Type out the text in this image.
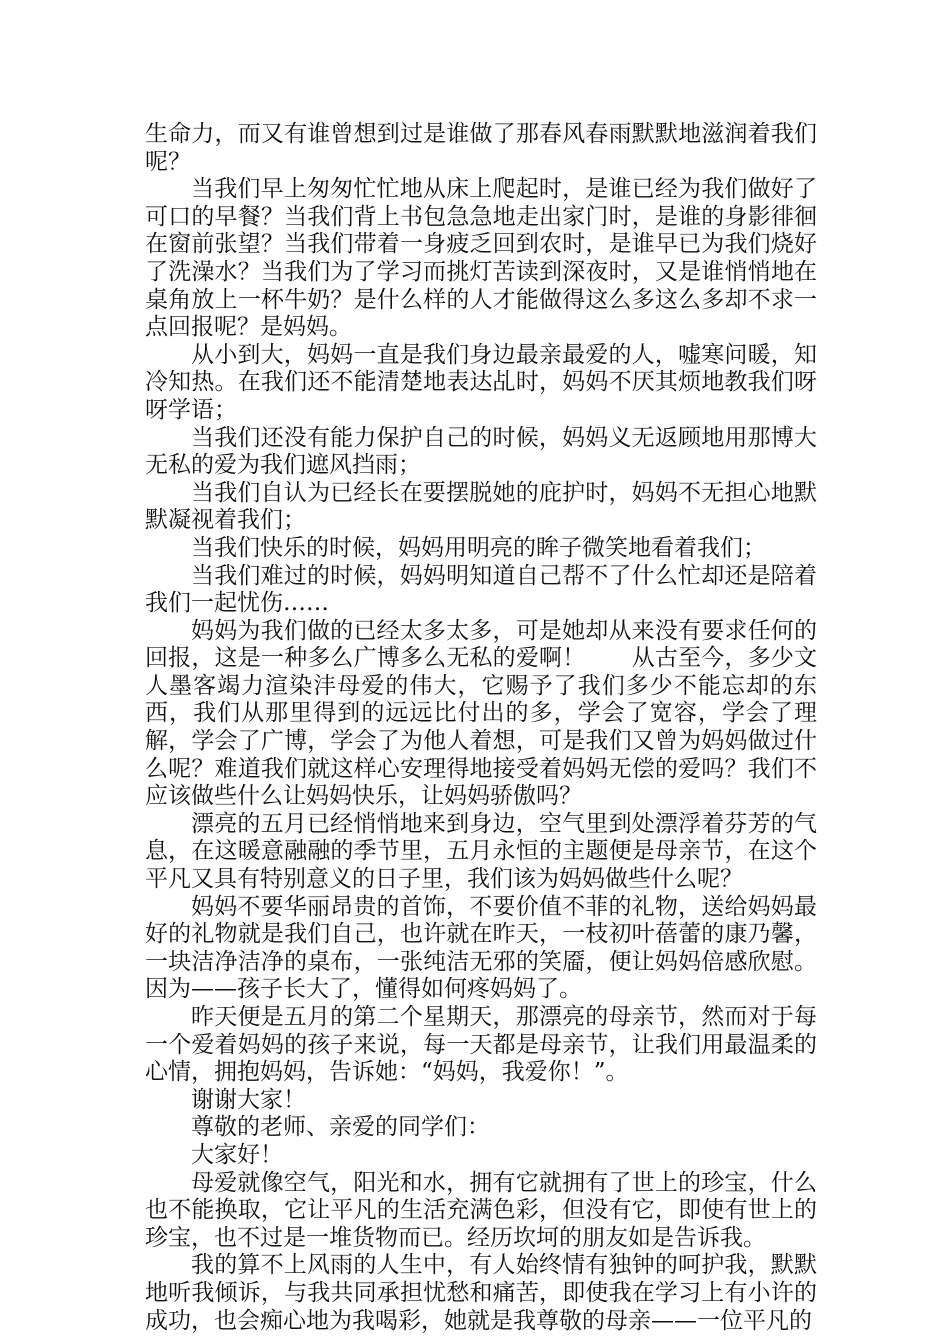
生命力，而又有谁曾想到过是谁做了那春风春雨默默地滋润着我们呢？

当我们早上匆匆忙忙地从床上爬起时，是谁已经为我们做好了可口的早餐？当我们背上书包急急地走出家门时，是谁的身影徘徊在窗前张望？当我们带着一身疲乏回到农时，是谁早已为我们烧好了洗澡水？当我们为了学习而挑灯苦读到深夜时，又是谁悄悄地在桌角放上一杯牛奶？是什么样的人才能做得这么多这么多却不求一点回报呢？是妈妈。

从小到大，妈妈一直是我们身边最亲最爱的人，嘘寒问暖，知冷知热。在我们还不能清楚地表达乩时，妈妈不厌其烦地教我们呀呀学语；

当我们还没有能力保护自己的时候，妈妈义无返顾地用那博大无私的爱为我们遮风挡雨；

当我们自认为已经长在要摆脱她的庇护时，妈妈不无担心地默默凝视着我们；

当我们快乐的时候，妈妈用明亮的眸子微笑地看着我们；

当我们难过的时候，妈妈明知道自己帮不了什么忙却还是陪着我们一起忧伤……

妈妈为我们做的已经太多太多，可是她却从来没有要求任何的回报，这是一种多么广博多么无私的爱啊！　　从古至今，多少文人墨客竭力渲染沣母爱的伟大，它赐予了我们多少不能忘却的东西，我们从那里得到的远远比付出的多，学会了宽容，学会了理解，学会了广博，学会了为他人着想，可是我们又曾为妈妈做过什么呢？难道我们就这样心安理得地接受着妈妈无偿的爱吗？我们不应该做些什么让妈妈快乐，让妈妈骄傲吗？

漂亮的五月已经悄悄地来到身边，空气里到处漂浮着芬芳的气息，在这暖意融融的季节里，五月永恒的主题便是母亲节，在这个平凡又具有特别意义的日子里，我们该为妈妈做些什么呢？

妈妈不要华丽昂贵的首饰，不要价值不菲的礼物，送给妈妈最好的礼物就是我们自己，也许就在昨天，一枝初叶蓓蕾的康乃馨，一块洁净洁净的桌布，一张纯洁无邪的笑靥，便让妈妈倍感欣慰。因为——孩子长大了，懂得如何疼妈妈了。

昨天便是五月的第二个星期天，那漂亮的母亲节，然而对于每一个爱着妈妈的孩子来说，每一天都是母亲节，让我们用最温柔的心情，拥抱妈妈，告诉她：“妈妈，我爱你！”。

谢谢大家！

尊敬的老师、亲爱的同学们：

大家好！

母爱就像空气，阳光和水，拥有它就拥有了世上的珍宝，什么也不能换取，它让平凡的生活充满色彩，但没有它，即使有世上的珍宝，也不过是一堆货物而已。经历坎坷的朋友如是告诉我。

我的算不上风雨的人生中，有人始终情有独钟的呵护我，默默地听我倾诉，与我共同承担忧愁和痛苦，即使我在学习上有小许的成功，也会痴心地为我喝彩，她就是我尊敬的母亲——一位平凡的
